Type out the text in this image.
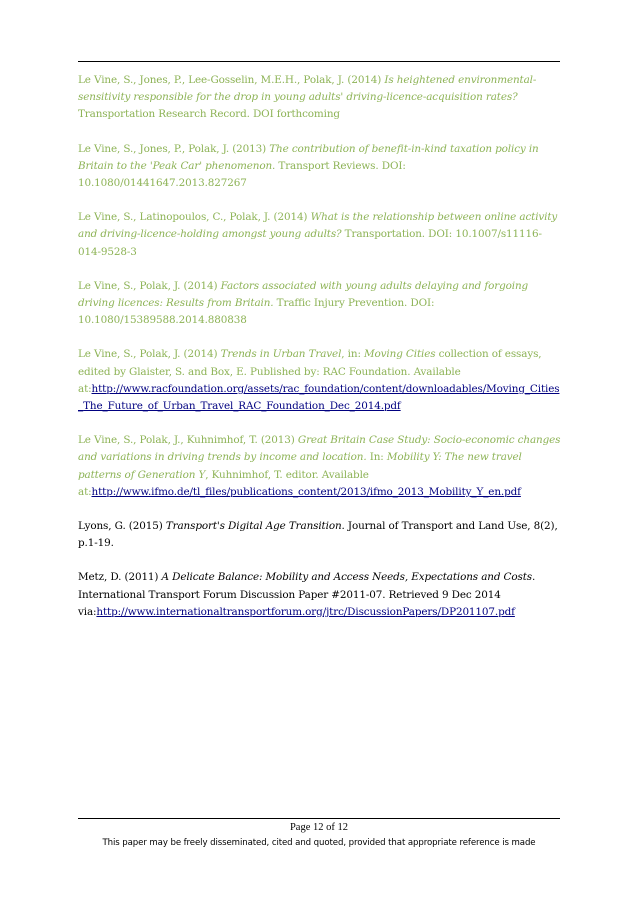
Le Vine, S., Jones, P., Lee-Gosselin, M.E.H., Polak, J. (2014) Is heightened environmental-sensitivity responsible for the drop in young adults' driving-licence-acquisition rates? Transportation Research Record. DOI forthcoming

Le Vine, S., Jones, P., Polak, J. (2013) The contribution of benefit-in-kind taxation policy in Britain to the 'Peak Car' phenomenon. Transport Reviews. DOI: 10.1080/01441647.2013.827267

Le Vine, S., Latinopoulos, C., Polak, J. (2014) What is the relationship between online activity and driving-licence-holding amongst young adults? Transportation. DOI: 10.1007/s11116-014-9528-3

Le Vine, S., Polak, J. (2014) Factors associated with young adults delaying and forgoing driving licences: Results from Britain. Traffic Injury Prevention. DOI: 10.1080/15389588.2014.880838

Le Vine, S., Polak, J. (2014) Trends in Urban Travel, in: Moving Cities collection of essays, edited by Glaister, S. and Box, E. Published by: RAC Foundation. Available at:http://www.racfoundation.org/assets/rac_foundation/content/downloadables/Moving_Cities_The_Future_of_Urban_Travel_RAC_Foundation_Dec_2014.pdf

Le Vine, S., Polak, J., Kuhnimhof, T. (2013) Great Britain Case Study: Socio-economic changes and variations in driving trends by income and location. In: Mobility Y: The new travel patterns of Generation Y, Kuhnimhof, T. editor. Available at:http://www.ifmo.de/tl_files/publications_content/2013/ifmo_2013_Mobility_Y_en.pdf

Lyons, G. (2015) Transport's Digital Age Transition. Journal of Transport and Land Use, 8(2), p.1-19.

Metz, D. (2011) A Delicate Balance: Mobility and Access Needs, Expectations and Costs. International Transport Forum Discussion Paper #2011-07. Retrieved 9 Dec 2014 via:http://www.internationaltransportforum.org/jtrc/DiscussionPapers/DP201107.pdf

Page 12 of 12
This paper may be freely disseminated, cited and quoted, provided that appropriate reference is made
